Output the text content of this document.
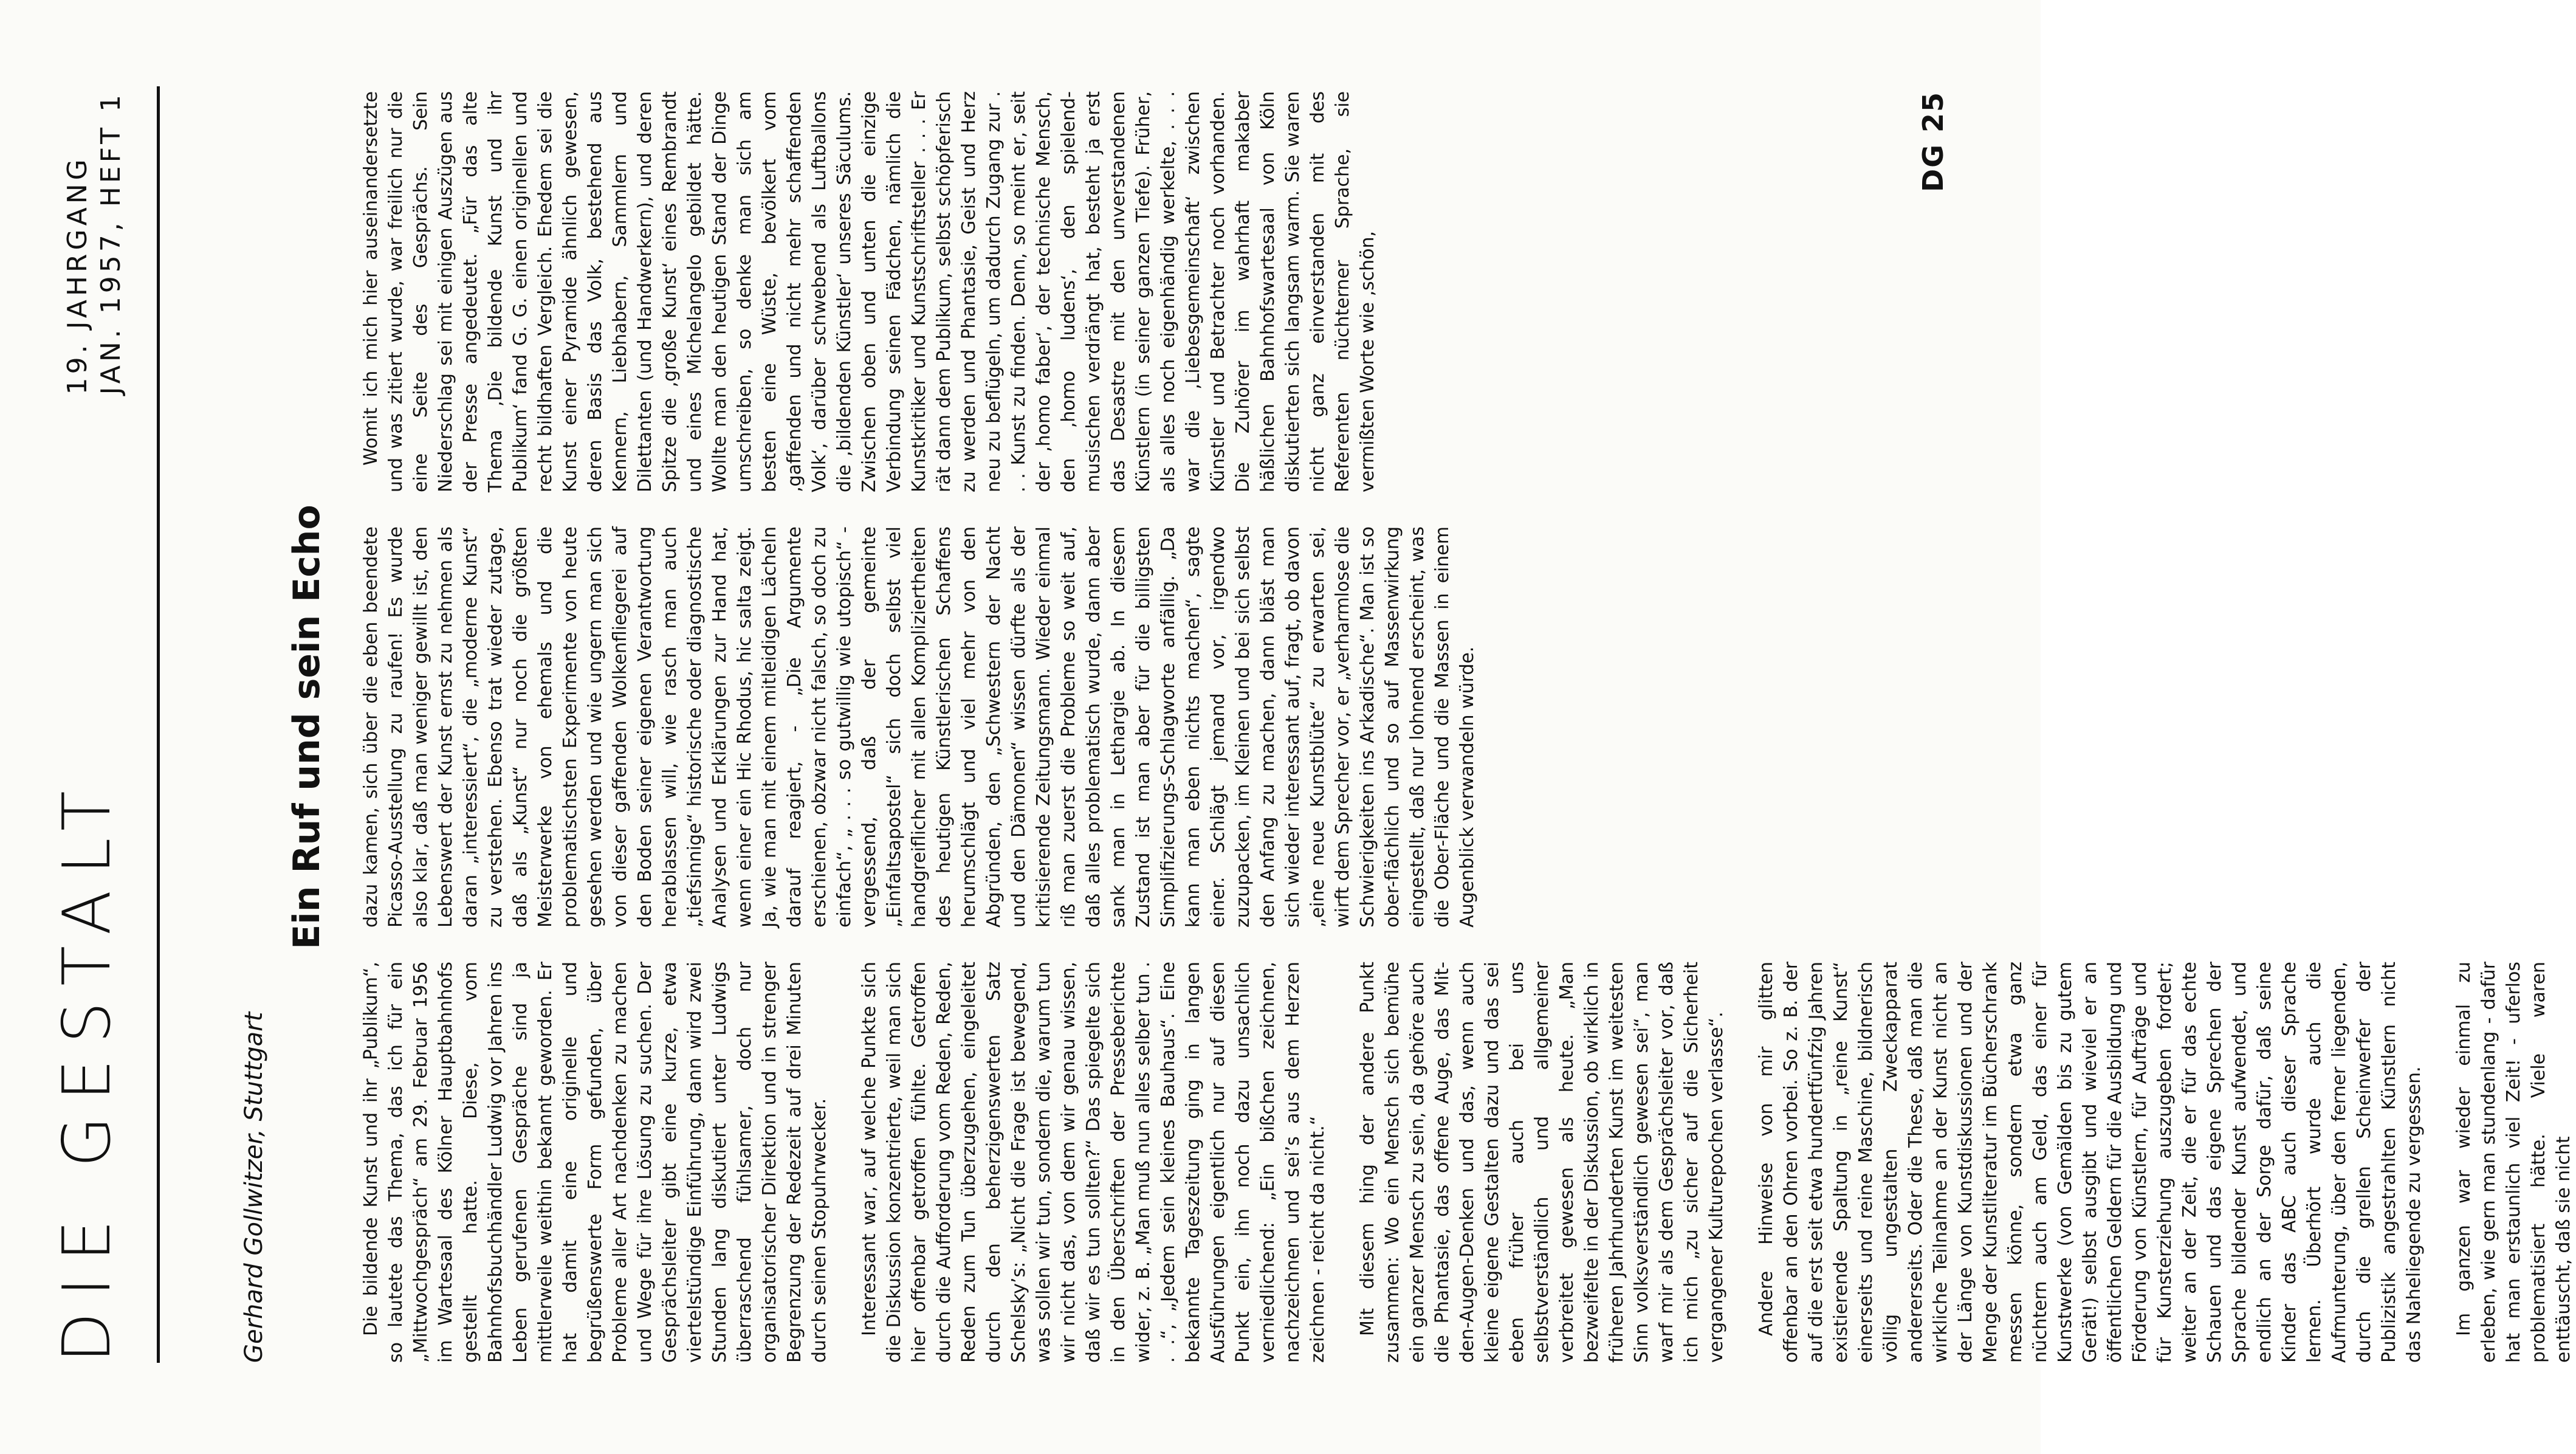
DIE GESTALT
19. JAHRGANG JAN. 1957, HEFT 1
Gerhard Gollwitzer, Stuttgart
Ein Ruf und sein Echo

Die bildende Kunst und ihr „Publikum“, so lautete das Thema, das ich für ein „Mittwochgespräch“ am 29. Februar 1956 im Wartesaal des Kölner Hauptbahnhofs gestellt hatte. Diese, vom Bahnhofsbuchhändler Ludwig vor Jahren ins Leben gerufenen Gespräche sind ja mittlerweile weithin bekannt geworden. Er hat damit eine originelle und begrüßenswerte Form gefunden, über Probleme aller Art nachdenken zu machen und Wege für ihre Lösung zu suchen. Der Gesprächsleiter gibt eine kurze, etwa viertelstündige Einführung, dann wird zwei Stunden lang diskutiert unter Ludwigs überraschend fühlsamer, doch nur organisatorischer Direktion und in strenger Begrenzung der Redezeit auf drei Minuten durch seinen Stopuhrwecker. Interessant war, auf welche Punkte sich die Diskussion konzentrierte, weil man sich hier offenbar getroffen fühlte. Getroffen durch die Aufforderung vom Reden, Reden, Reden zum Tun überzugehen, eingeleitet durch den beherzigenswerten Satz Schelsky’s: „Nicht die Frage ist bewegend, was sollen wir tun, sondern die, warum tun wir nicht das, von dem wir genau wissen, daß wir es tun sollten?“ Das spiegelte sich in den Überschriften der Presseberichte wider, z. B. „Man muß nun alles selber tun . . .“, „Jedem sein kleines Bauhaus“. Eine bekannte Tageszeitung ging in langen Ausführungen eigentlich nur auf diesen Punkt ein, ihn noch dazu unsachlich verniedlichend: „Ein bißchen zeichnen, nachzeichnen und sei’s aus dem Herzen zeichnen - reicht da nicht.“ Mit diesem hing der andere Punkt zusammen: Wo ein Mensch sich bemühe ein ganzer Mensch zu sein, da gehöre auch die Phantasie, das offene Auge, das Mit-den-Augen-Denken und das, wenn auch kleine eigene Gestalten dazu und das sei eben früher auch bei uns selbstverständlich und allgemeiner verbreitet gewesen als heute. „Man bezweifelte in der Diskussion, ob wirklich in früheren Jahrhunderten Kunst im weitesten Sinn volksverständlich gewesen sei“, man warf mir als dem Gesprächsleiter vor, daß ich mich „zu sicher auf die Sicherheit vergangener Kulturepochen verlasse“. Andere Hinweise von mir glitten offenbar an den Ohren vorbei. So z. B. der auf die erst seit etwa hundertfünfzig Jahren existierende Spaltung in „reine Kunst“ einerseits und reine Maschine, bildnerisch völlig ungestalten Zweckapparat andererseits. Oder die These, daß man die wirkliche Teilnahme an der Kunst nicht an der Länge von Kunstdiskussionen und der Menge der Kunstliteratur im Bücherschrank messen könne, sondern etwa ganz nüchtern auch am Geld, das einer für Kunstwerke (von Gemälden bis zu gutem Gerät!) selbst ausgibt und wieviel er an öffentlichen Geldern für die Ausbildung und Förderung von Künstlern, für Aufträge und für Kunsterziehung auszugeben fordert; weiter an der Zeit, die er für das echte Schauen und das eigene Sprechen der Sprache bildender Kunst aufwendet, und endlich an der Sorge dafür, daß seine Kinder das ABC auch dieser Sprache lernen. Überhört wurde auch die Aufmunterung, über den ferner liegenden, durch die grellen Scheinwerfer der Publizistik angestrahlten Künstlern nicht das Naheliegende zu vergessen. Im ganzen war wieder einmal zu erleben, wie gern man stundenlang - dafür hat man erstaunlich viel Zeit! - uferlos problematisiert hätte. Viele waren enttäuscht, daß sie nicht

dazu kamen, sich über die eben beendete Picasso-Ausstellung zu raufen! Es wurde also klar, daß man weniger gewillt ist, den Lebenswert der Kunst ernst zu nehmen als daran „interessiert“, die „moderne Kunst“ zu verstehen. Ebenso trat wieder zutage, daß als „Kunst“ nur noch die größten Meisterwerke von ehemals und die problematischsten Experimente von heute gesehen werden und wie ungern man sich von dieser gaffenden Wolkenfliegerei auf den Boden seiner eigenen Verantwortung herablassen will, wie rasch man auch „tiefsinnige“ historische oder diagnostische Analysen und Erklärungen zur Hand hat, wenn einer ein Hic Rhodus, hic salta zeigt. Ja, wie man mit einem mitleidigen Lächeln darauf reagiert, - „Die Argumente erschienen, obzwar nicht falsch, so doch zu einfach“, „ . . . so gutwillig wie utopisch“ - vergessend, daß der gemeinte „Einfaltsapostel“ sich doch selbst viel handgreiflicher mit allen Kompliziertheiten des heutigen Künstlerischen Schaffens herumschlägt und viel mehr von den Abgründen, den „Schwestern der Nacht und den Dämonen“ wissen dürfte als der kritisierende Zeitungsmann. Wieder einmal riß man zuerst die Probleme so weit auf, daß alles problematisch wurde, dann aber sank man in Lethargie ab. In diesem Zustand ist man aber für die billigsten Simplifizierungs-Schlagworte anfällig. „Da kann man eben nichts machen“, sagte einer. Schlägt jemand vor, irgendwo zuzupacken, im Kleinen und bei sich selbst den Anfang zu machen, dann bläst man sich wieder interessant auf, fragt, ob davon „eine neue Kunstblüte“ zu erwarten sei, wirft dem Sprecher vor, er „verharmlose die Schwierigkeiten ins Arkadische“. Man ist so ober-flächlich und so auf Massenwirkung eingestellt, daß nur lohnend erscheint, was die Ober-Fläche und die Massen in einem Augenblick verwandeln würde.

Womit ich mich hier auseinandersetzte und was zitiert wurde, war freilich nur die eine Seite des Gesprächs. Sein Niederschlag sei mit einigen Auszügen aus der Presse angedeutet. „Für das alte Thema ‚Die bildende Kunst und ihr Publikum‘ fand G. G. einen originellen und recht bildhaften Vergleich. Ehedem sei die Kunst einer Pyramide ähnlich gewesen, deren Basis das Volk, bestehend aus Kennern, Liebhabern, Sammlern und Dilettanten (und Handwerkern), und deren Spitze die ‚große Kunst‘ eines Rembrandt und eines Michelangelo gebildet hätte. Wollte man den heutigen Stand der Dinge umschreiben, so denke man sich am besten eine Wüste, bevölkert vom ‚gaffenden und nicht mehr schaffenden Volk‘, darüber schwebend als Luftballons die ‚bildenden Künstler‘ unseres Säculums. Zwischen oben und unten die einzige Verbindung seinen Fädchen, nämlich die Kunstkritiker und Kunstschriftsteller . . . Er rät dann dem Publikum, selbst schöpferisch zu werden und Phantasie, Geist und Herz neu zu beflügeln, um dadurch Zugang zur . . . Kunst zu finden. Denn, so meint er, seit der ‚homo faber‘, der technische Mensch, den ‚homo ludens‘, den spielend-musischen verdrängt hat, besteht ja erst das Desastre mit den unverstandenen Künstlern (in seiner ganzen Tiefe). Früher, als alles noch eigenhändig werkelte, . . . war die ‚Liebesgemeinschaft‘ zwischen Künstler und Betrachter noch vorhanden. Die Zuhörer im wahrhaft makaber häßlichen Bahnhofswartesaal von Köln diskutierten sich langsam warm. Sie waren nicht ganz einverstanden mit des Referenten nüchterner Sprache, sie vermißten Worte wie ‚schön,

DG 25
